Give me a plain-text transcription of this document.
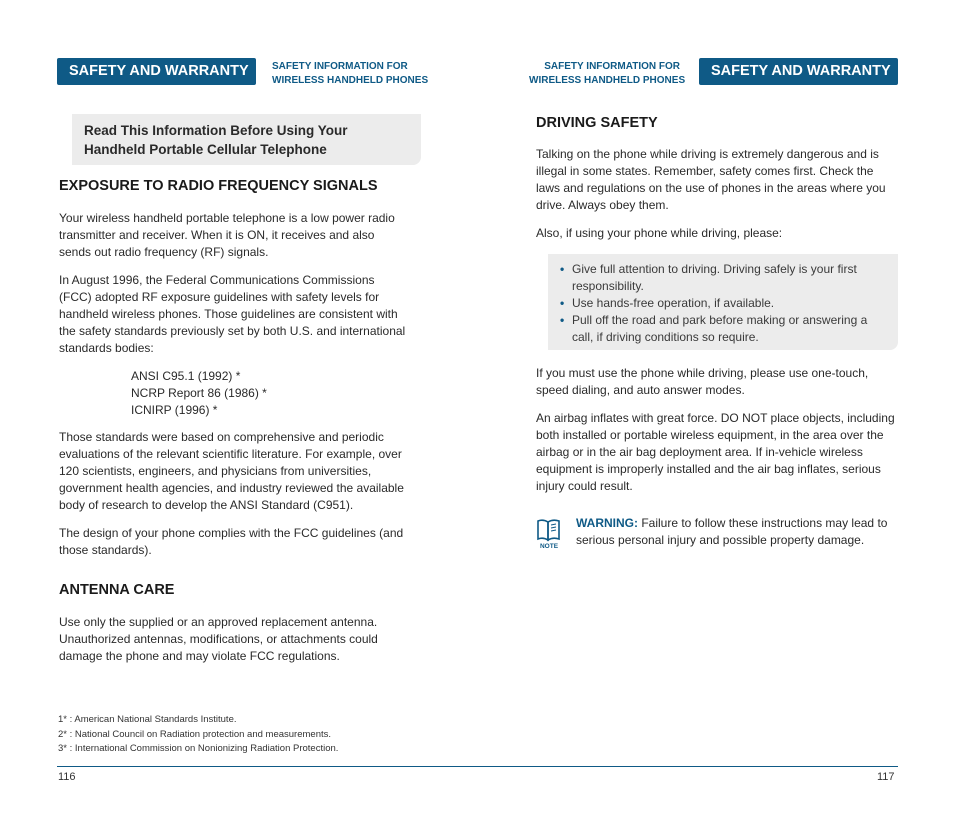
SAFETY AND WARRANTY	SAFETY INFORMATION FOR
WIRELESS HANDHELD PHONES
Read This Information Before Using Your
Handheld Portable Cellular Telephone
EXPOSURE TO RADIO FREQUENCY SIGNALS

Your wireless handheld portable telephone is a low power radio transmitter and receiver. When it is ON, it receives and also sends out radio frequency (RF) signals.

In August 1996, the Federal Communications Commissions (FCC) adopted RF exposure guidelines with safety levels for handheld wireless phones. Those guidelines are consistent with the safety standards previously set by both U.S. and international standards bodies:

ANSI C95.1 (1992) *
NCRP Report 86 (1986) *
ICNIRP (1996) *

Those standards were based on comprehensive and periodic evaluations of the relevant scientific literature. For example, over 120 scientists, engineers, and physicians from universities, government health agencies, and industry reviewed the available body of research to develop the ANSI Standard (C951).

The design of your phone complies with the FCC guidelines (and those standards).

ANTENNA CARE

Use only the supplied or an approved replacement antenna. Unauthorized antennas, modifications, or attachments could damage the phone and may violate FCC regulations.

1* : American National Standards Institute.
2* : National Council on Radiation protection and measurements.
3* : International Commission on Nonionizing Radiation Protection.
116
SAFETY INFORMATION FOR
WIRELESS HANDHELD PHONES
SAFETY AND WARRANTY
DRIVING SAFETY

Talking on the phone while driving is extremely dangerous and is illegal in some states. Remember, safety comes first. Check the laws and regulations on the use of phones in the areas where you drive. Always obey them.

Also, if using your phone while driving, please:

• Give full attention to driving. Driving safely is your first responsibility.
• Use hands-free operation, if available.
• Pull off the road and park before making or answering a call, if driving conditions so require.

If you must use the phone while driving, please use one-touch, speed dialing, and auto answer modes.

An airbag inflates with great force. DO NOT place objects, including both installed or portable wireless equipment, in the area over the airbag or in the air bag deployment area. If in-vehicle wireless equipment is improperly installed and the air bag inflates, serious injury could result.

NOTE
WARNING: Failure to follow these instructions may lead to serious personal injury and possible property damage.
117
